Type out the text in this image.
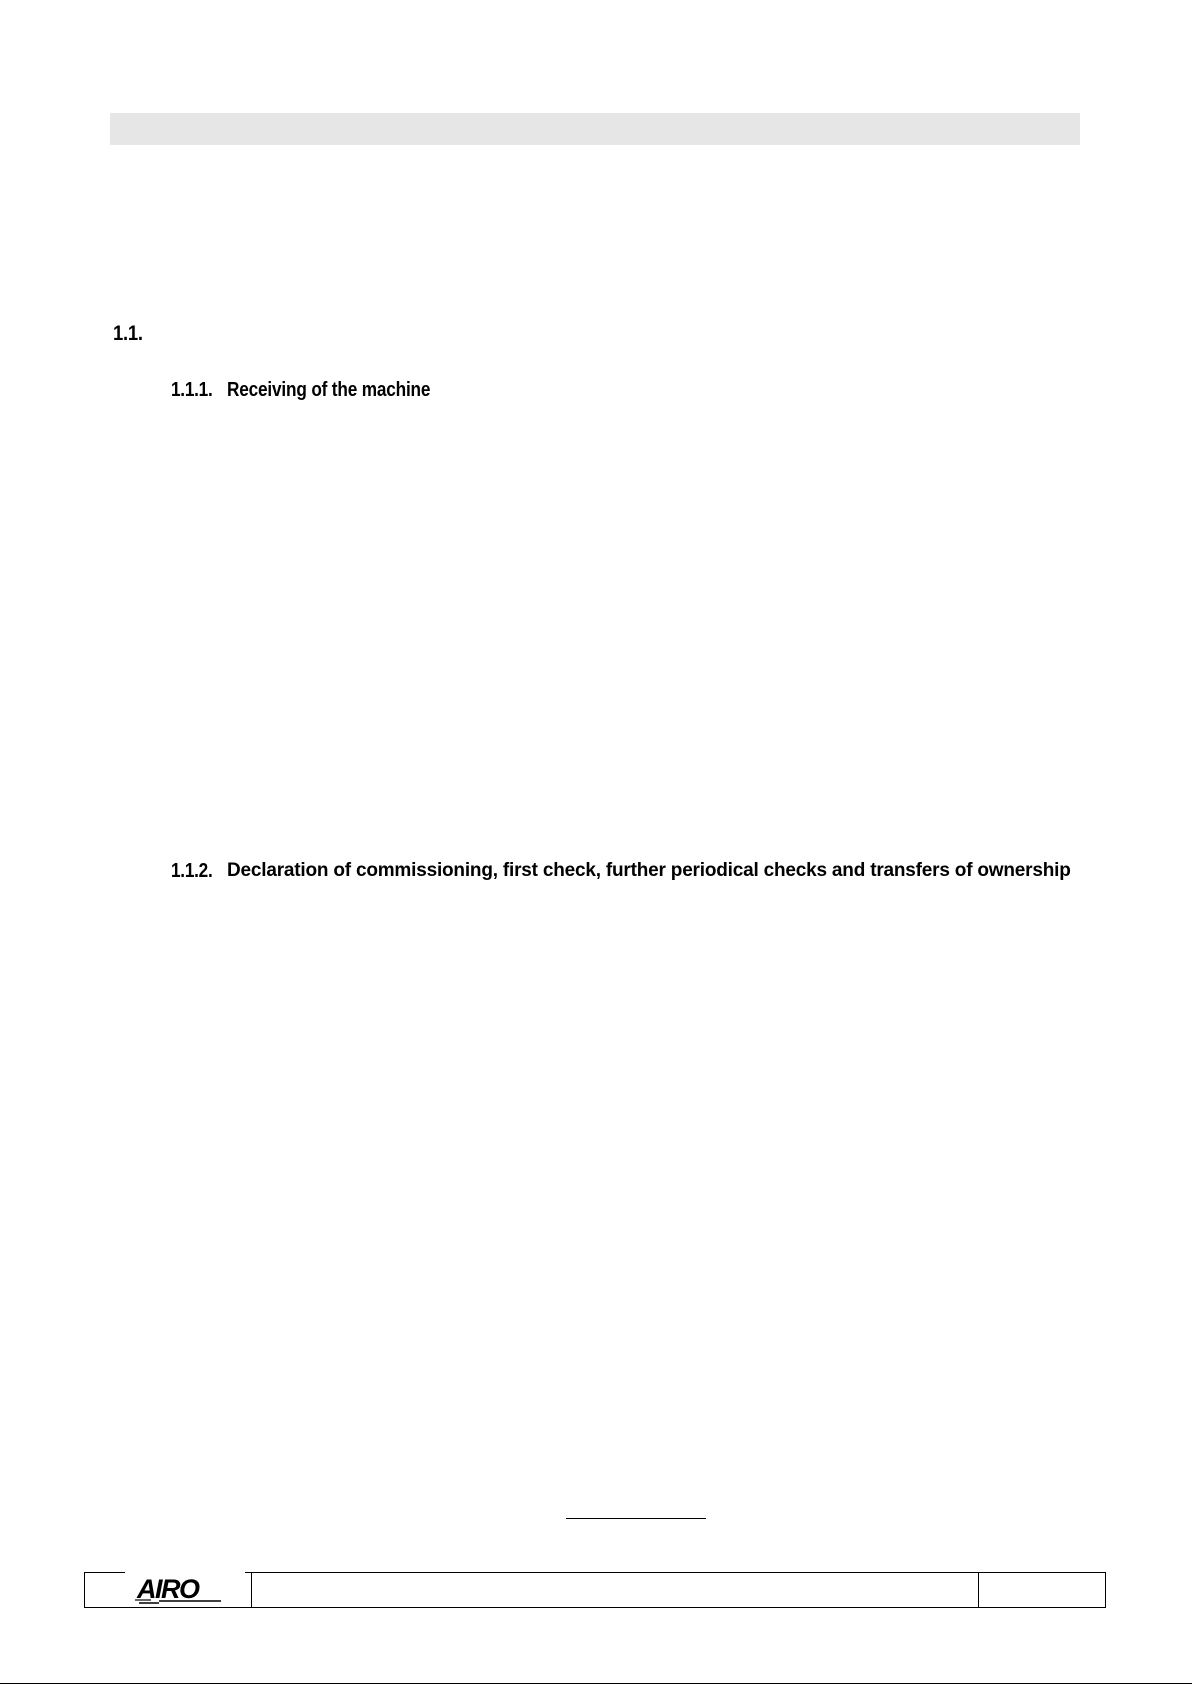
1.1.
1.1.1. Receiving of the machine
1.1.2. Declaration of commissioning, first check, further periodical checks and transfers of ownership
AIRO
